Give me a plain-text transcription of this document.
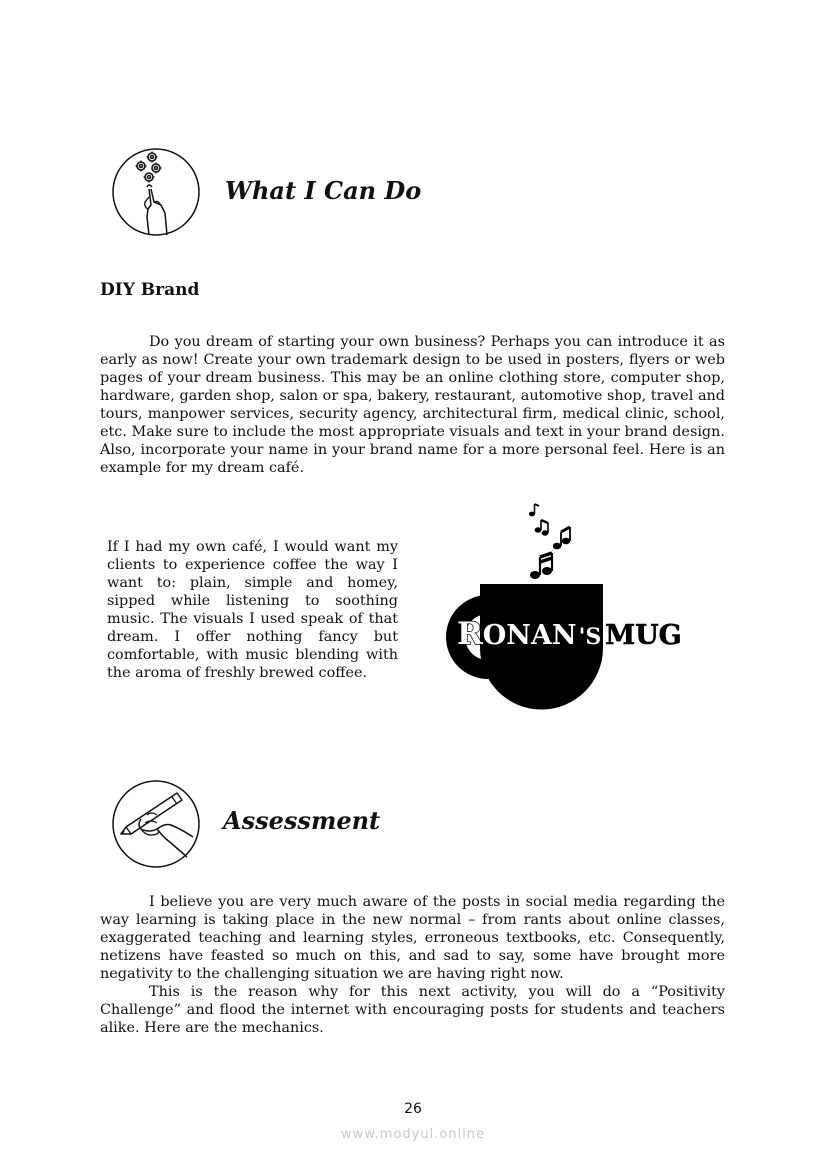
What I Can Do
DIY Brand

Do you dream of starting your own business? Perhaps you can introduce it as early as now! Create your own trademark design to be used in posters, flyers or web pages of your dream business. This may be an online clothing store, computer shop, hardware, garden shop, salon or spa, bakery, restaurant, automotive shop, travel and tours, manpower services, security agency, architectural firm, medical clinic, school, etc. Make sure to include the most appropriate visuals and text in your brand design. Also, incorporate your name in your brand name for a more personal feel. Here is an example for my dream café.

If I had my own café, I would want my clients to experience coffee the way I want to: plain, simple and homey, sipped while listening to soothing music. The visuals I used speak of that dream. I offer nothing fancy but comfortable, with music blending with the aroma of freshly brewed coffee.

RONAN'S MUG
Assessment

I believe you are very much aware of the posts in social media regarding the way learning is taking place in the new normal – from rants about online classes, exaggerated teaching and learning styles, erroneous textbooks, etc. Consequently, netizens have feasted so much on this, and sad to say, some have brought more negativity to the challenging situation we are having right now.

This is the reason why for this next activity, you will do a “Positivity Challenge” and flood the internet with encouraging posts for students and teachers alike. Here are the mechanics.

26
www.modyul.online
